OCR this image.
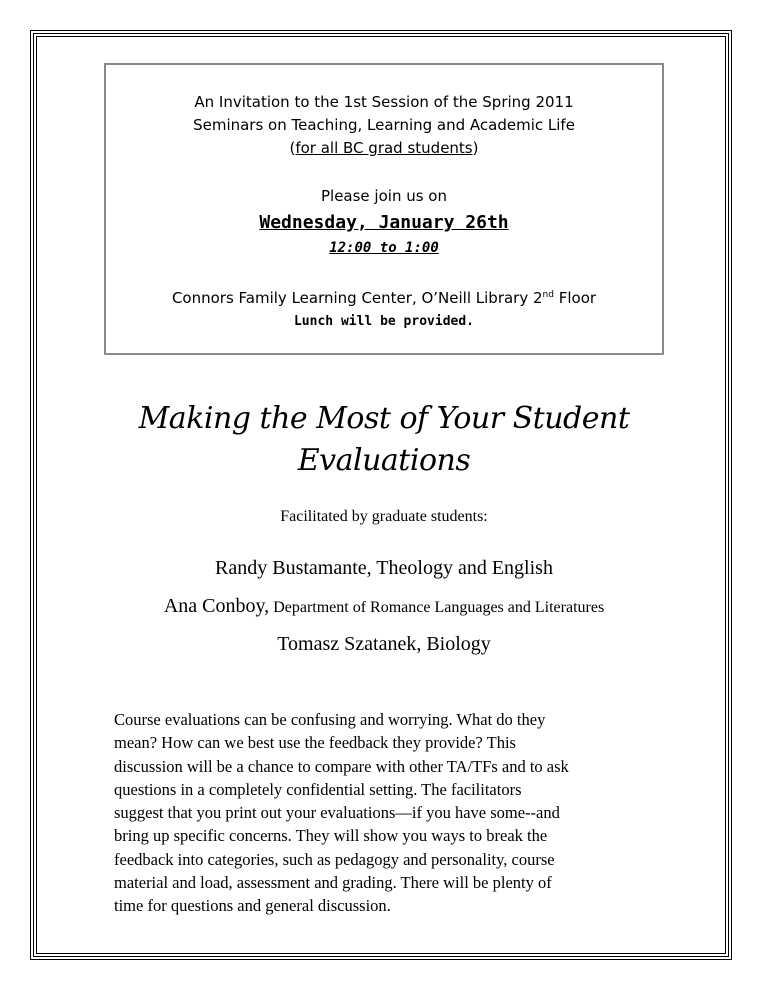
An Invitation to the 1st Session of the Spring 2011
Seminars on Teaching, Learning and Academic Life
(for all BC grad students)
Please join us on
Wednesday, January 26th
12:00 to 1:00
Connors Family Learning Center, O’Neill Library 2nd Floor
Lunch will be provided.
Making the Most of Your Student
Evaluations
Facilitated by graduate students:
Randy Bustamante, Theology and English
Ana Conboy, Department of Romance Languages and Literatures
Tomasz Szatanek, Biology
Course evaluations can be confusing and worrying. What do they
mean? How can we best use the feedback they provide? This
discussion will be a chance to compare with other TA/TFs and to ask
questions in a completely confidential setting. The facilitators
suggest that you print out your evaluations—if you have some--and
bring up specific concerns. They will show you ways to break the
feedback into categories, such as pedagogy and personality, course
material and load, assessment and grading. There will be plenty of
time for questions and general discussion.
